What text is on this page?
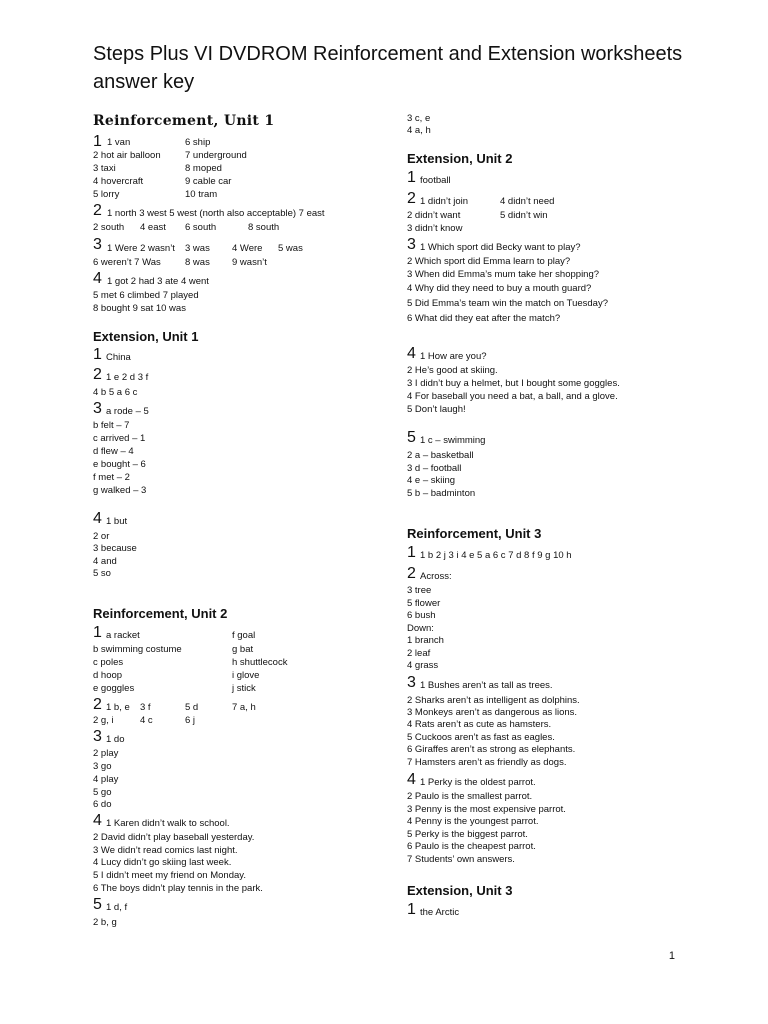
Steps Plus VI DVDROM Reinforcement and Extension worksheets answer key
Reinforcement, Unit 1
1 1 van	6 ship
2 hot air balloon	7 underground
3 taxi	8 moped
4 hovercraft	9 cable car
5 lorry	10 tram
2 1 north 3 west 5 west (north also acceptable) 7 east
2 south 4 east 6 south	8 south
3 1 Were 2 wasn’t 3 was 4 Were 5 was
6 weren’t 7 Was	8 was 9 wasn’t
4 1 got 2 had 3 ate 4 went
5 met 6 climbed 7 played
8 bought 9 sat 10 was
Extension, Unit 1
1 China
2 1 e 2 d 3 f
4 b 5 a 6 c
3 a rode – 5
b felt – 7
c arrived – 1
d flew – 4
e bought – 6
f met – 2
g walked – 3
4 1 but
2 or
3 because
4 and
5 so
Reinforcement, Unit 2
1 a racket	f goal
b swimming costume	g bat
c poles	h shuttlecock
d hoop	i glove
e goggles	j stick
2 1 b, e 3 f	5 d	7 a, h
2 g, i	4 c	6 j
3 1 do
2 play
3 go
4 play
5 go
6 do
4 1 Karen didn’t walk to school.
2 David didn’t play baseball yesterday.
3 We didn’t read comics last night.
4 Lucy didn’t go skiing last week.
5 I didn’t meet my friend on Monday.
6 The boys didn’t play tennis in the park.
5 1 d, f
2 b, g
3 c, e
4 a, h
Extension, Unit 2
1 football
2 1 didn’t join	4 didn’t need
2 didn’t want	5 didn’t win
3 didn’t know
3 1 Which sport did Becky want to play?
2 Which sport did Emma learn to play?
3 When did Emma’s mum take her shopping?
4 Why did they need to buy a mouth guard?
5 Did Emma’s team win the match on Tuesday?
6 What did they eat after the match?
4 1 How are you?
2 He’s good at skiing.
3 I didn’t buy a helmet, but I bought some goggles.
4 For baseball you need a bat, a ball, and a glove.
5 Don’t laugh!
5 1 c – swimming
2 a – basketball
3 d – football
4 e – skiing
5 b – badminton
Reinforcement, Unit 3
1 1 b 2 j 3 i 4 e 5 a 6 c 7 d 8 f 9 g 10 h
2 Across:
3 tree
5 flower
6 bush
Down:
1 branch
2 leaf
4 grass
3 1 Bushes aren’t as tall as trees.
2 Sharks aren’t as intelligent as dolphins.
3 Monkeys aren’t as dangerous as lions.
4 Rats aren’t as cute as hamsters.
5 Cuckoos aren’t as fast as eagles.
6 Giraffes aren’t as strong as elephants.
7 Hamsters aren’t as friendly as dogs.
4 1 Perky is the oldest parrot.
2 Paulo is the smallest parrot.
3 Penny is the most expensive parrot.
4 Penny is the youngest parrot.
5 Perky is the biggest parrot.
6 Paulo is the cheapest parrot.
7 Students’ own answers.
Extension, Unit 3
1 the Arctic
1
